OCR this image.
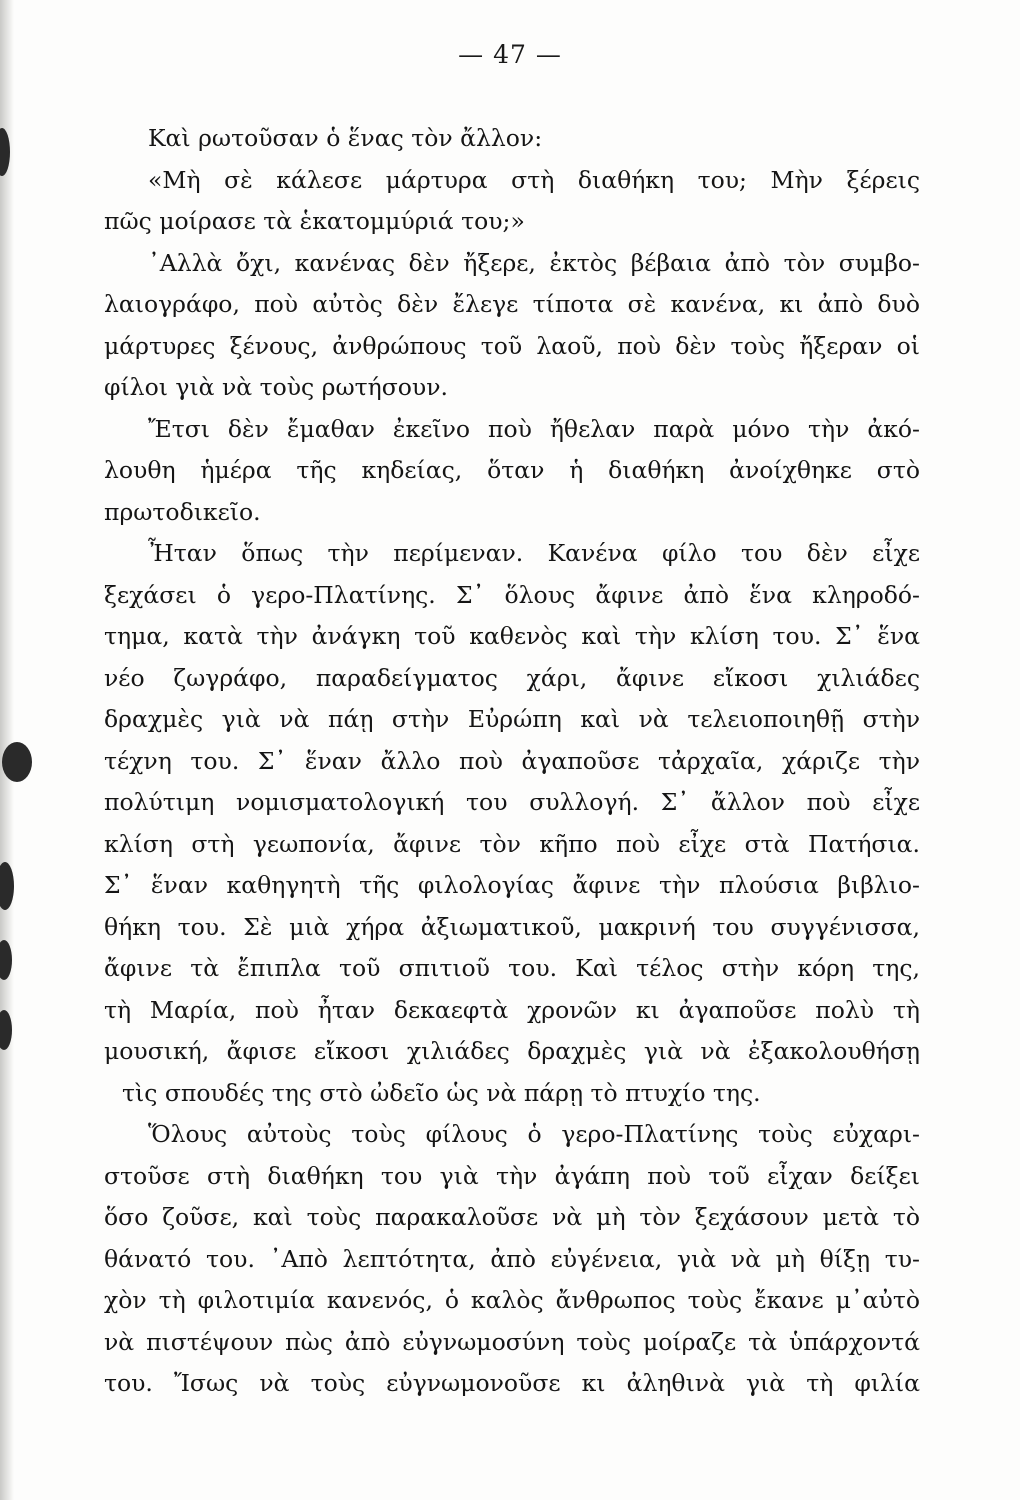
— 47 —
Καὶ ρωτοῦσαν ὁ ἕνας τὸν ἄλλον:
«Μὴ σὲ κάλεσε μάρτυρα στὴ διαθήκη του; Μὴν ξέρεις
πῶς μοίρασε τὰ ἑκατομμύριά του;»
᾿Αλλὰ ὄχι, κανένας δὲν ἤξερε, ἐκτὸς βέβαια ἀπὸ τὸν συμβο-
λαιογράφο, ποὺ αὐτὸς δὲν ἔλεγε τίποτα σὲ κανένα, κι ἀπὸ δυὸ
μάρτυρες ξένους, ἀνθρώπους τοῦ λαοῦ, ποὺ δὲν τοὺς ἤξεραν οἱ
φίλοι γιὰ νὰ τοὺς ρωτήσουν.
Ἔτσι δὲν ἔμαθαν ἐκεῖνο ποὺ ἤθελαν παρὰ μόνο τὴν ἀκό-
λουθη ἡμέρα τῆς κηδείας, ὅταν ἡ διαθήκη ἀνοίχθηκε στὸ
πρωτοδικεῖο.
Ἦταν ὅπως τὴν περίμεναν. Κανένα φίλο του δὲν εἶχε
ξεχάσει ὁ γερο-Πλατίνης. Σ᾿ ὅλους ἄφινε ἀπὸ ἕνα κληροδό-
τημα, κατὰ τὴν ἀνάγκη τοῦ καθενὸς καὶ τὴν κλίση του. Σ᾿ ἕνα
νέο ζωγράφο, παραδείγματος χάρι, ἄφινε εἴκοσι χιλιάδες
δραχμὲς γιὰ νὰ πάῃ στὴν Εὐρώπη καὶ νὰ τελειοποιηθῇ στὴν
τέχνη του. Σ᾿ ἕναν ἄλλο ποὺ ἀγαποῦσε τἀρχαῖα, χάριζε τὴν
πολύτιμη νομισματολογική του συλλογή. Σ᾿ ἄλλον ποὺ εἶχε
κλίση στὴ γεωπονία, ἄφινε τὸν κῆπο ποὺ εἶχε στὰ Πατήσια.
Σ᾿ ἕναν καθηγητὴ τῆς φιλολογίας ἄφινε τὴν πλούσια βιβλιο-
θήκη του. Σὲ μιὰ χήρα ἀξιωματικοῦ, μακρινή του συγγένισσα,
ἄφινε τὰ ἔπιπλα τοῦ σπιτιοῦ του. Καὶ τέλος στὴν κόρη της,
τὴ Μαρία, ποὺ ἦταν δεκαεφτὰ χρονῶν κι ἀγαποῦσε πολὺ τὴ
μουσική, ἄφισε εἴκοσι χιλιάδες δραχμὲς γιὰ νὰ ἐξακολουθήσῃ
τὶς σπουδές της στὸ ὠδεῖο ὡς νὰ πάρῃ τὸ πτυχίο της.
Ὅλους αὐτοὺς τοὺς φίλους ὁ γερο-Πλατίνης τοὺς εὐχαρι-
στοῦσε στὴ διαθήκη του γιὰ τὴν ἀγάπη ποὺ τοῦ εἶχαν δείξει
ὅσο ζοῦσε, καὶ τοὺς παρακαλοῦσε νὰ μὴ τὸν ξεχάσουν μετὰ τὸ
θάνατό του. ᾿Απὸ λεπτότητα, ἀπὸ εὐγένεια, γιὰ νὰ μὴ θίξῃ τυ-
χὸν τὴ φιλοτιμία κανενός, ὁ καλὸς ἄνθρωπος τοὺς ἔκανε μ᾿αὐτὸ
νὰ πιστέψουν πὼς ἀπὸ εὐγνωμοσύνη τοὺς μοίραζε τὰ ὑπάρχοντά
του. Ἴσως νὰ τοὺς εὐγνωμονοῦσε κι ἀληθινὰ γιὰ τὴ φιλία
